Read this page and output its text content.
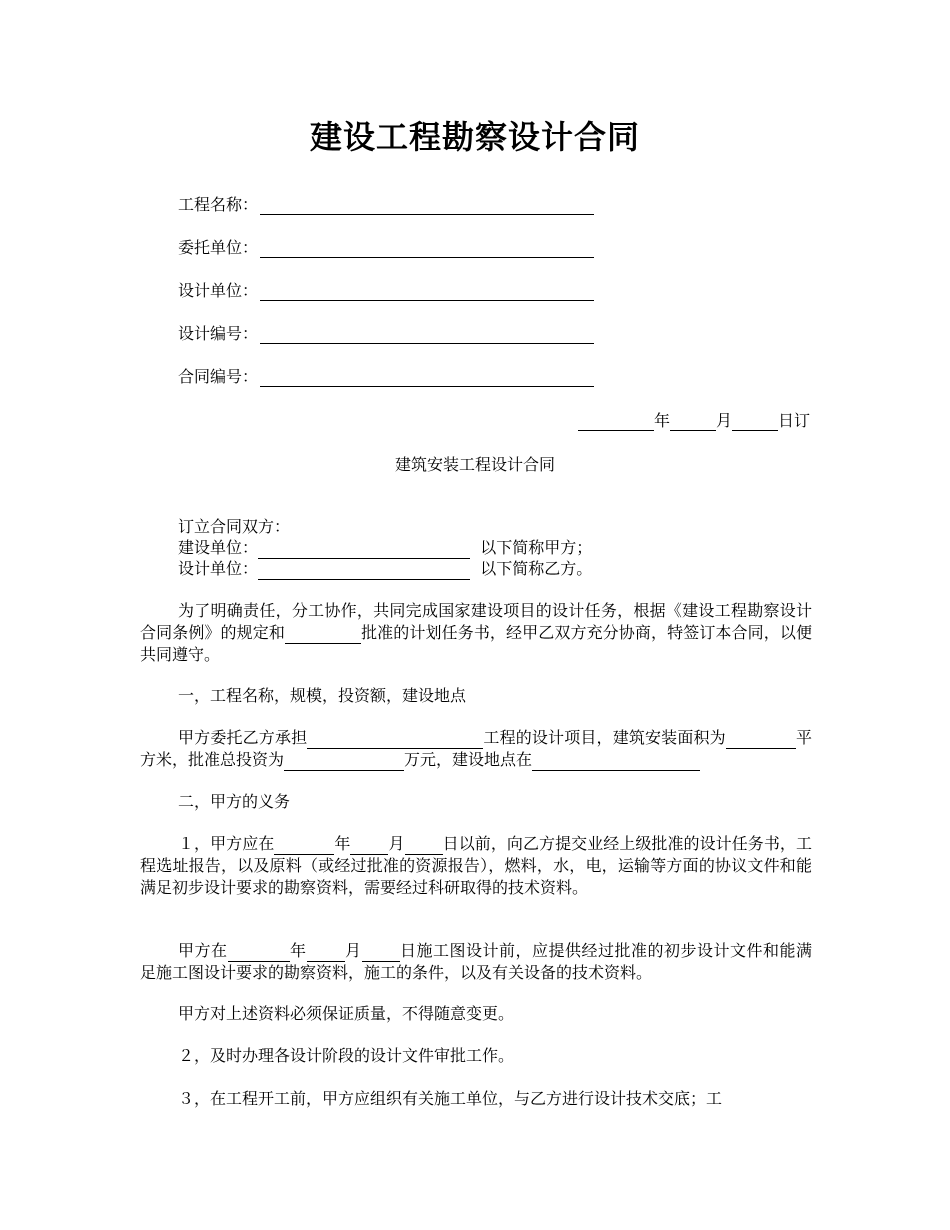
建设工程勘察设计合同
工程名称：
委托单位：
设计单位：
设计编号：
合同编号：
年	月	日订
建筑安装工程设计合同
订立合同双方：
建设单位：	以下简称甲方；
设计单位：	以下简称乙方。
为了明确责任，分工协作，共同完成国家建设项目的设计任务，根据《建设工程勘察设计合同条例》的规定和	批准的计划任务书，经甲乙双方充分协商，特签订本合同，以便共同遵守。
一，工程名称，规模，投资额，建设地点
甲方委托乙方承担	工程的设计项目，建筑安装面积为	平方米，批准总投资为	万元，建设地点在
二，甲方的义务
１，甲方应在	年 月 日以前，向乙方提交业经上级批准的设计任务书，工程选址报告，以及原料（或经过批准的资源报告），燃料，水，电，运输等方面的协议文件和能满足初步设计要求的勘察资料，需要经过科研取得的技术资料。
甲方在	年 月 日施工图设计前，应提供经过批准的初步设计文件和能满足施工图设计要求的勘察资料，施工的条件，以及有关设备的技术资料。
甲方对上述资料必须保证质量，不得随意变更。
２，及时办理各设计阶段的设计文件审批工作。
３，在工程开工前，甲方应组织有关施工单位，与乙方进行设计技术交底；工
